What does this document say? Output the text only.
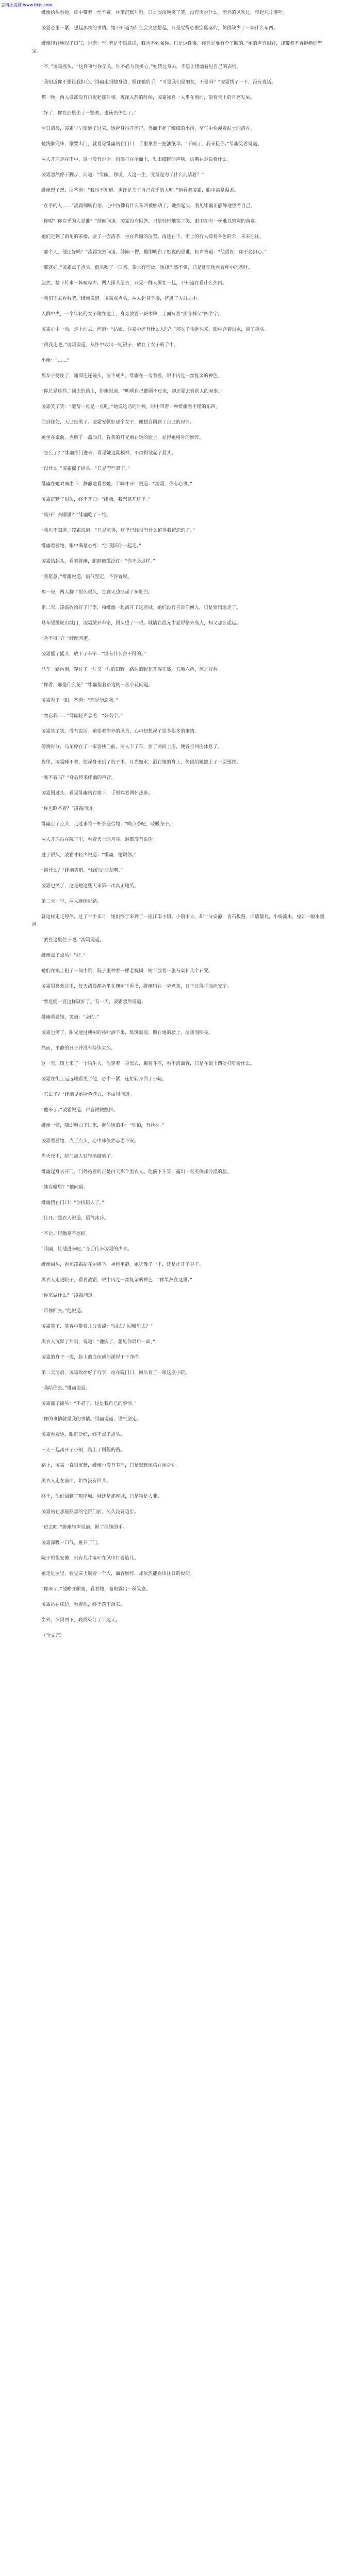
言情小说网 www.bkjs.com

绯幽抬头看她，眸中带着一丝不解。林萧沉默片刻，只是淡淡地笑了笑，没有再说什么。窗外的风吹过，带起几片落叶。

凌霜心里一紧，想起那晚的事情。她不知道为什么会突然想起，只是觉得心里空落落的，仿佛缺少了一块什么东西。

绯幽轻轻地叹了口气，说道：“你若是不愿意说，我也不勉强你。只是这件事，终究是要有个了断的。”她的声音很轻，却带着不容拒绝的坚定。

“不。”凌霜摇头，“这件事与你无关，你不必为我操心。”她转过身去，不愿让绯幽看见自己的表情。

“我知道你不想让我担心。”绯幽走到她身边，握住她的手，“可是我们是朋友，不是吗？”凌霜愣了一下，没有说话。

那一晚，两人谁都没有再提起那件事。夜深人静的时候，凌霜独自一人坐在窗前，望着天上的月亮发呆。

“好了，你在那里坐了一整晚，也该去休息了。”

翌日清晨，凌霜早早便醒了过来。她起身推开窗户，外面下起了细细的小雨，空气中弥漫着泥土的清香。

她洗漱完毕，刚要出门，就看见绯幽站在门口，手里拿着一把油纸伞。“下雨了，我来接你。”绯幽笑着说道。

两人并肩走在雨中，谁也没有说话。雨滴打在伞面上，发出细碎的声响，仿佛在诉说着什么。

凌霜忽然停下脚步，问道：“绯幽，你说，人这一生，究竟是为了什么而活着？”

绯幽想了想，回答道：“我也不知道。也许是为了自己在乎的人吧。”她看着凌霜，眼中满是温柔。

“在乎的人……”凌霜喃喃自语，心中仿佛有什么东西被触动了。她抬起头，看见绯幽正静静地望着自己。

“你呢？你在乎的人是谁？”绯幽问道。凌霜没有回答，只是轻轻地笑了笑，眼中却有一丝难以察觉的落寞。

她们走到了街角的茶楼，要了一壶清茶，坐在靠窗的位置。雨还在下，街上的行人撑着各色的伞，来来往往。

“那个人，他还好吗？”凌霜突然问道。绯幽一愣，随即明白了她说的是谁，轻声答道：“他很好，你不必担心。”

“那就好。”凌霜点了点头，低头喝了一口茶。茶水有些烫，她却浑然不觉，只是怔怔地看着杯中的茶叶。

忽然，楼下传来一阵喧哗声。两人探头望去，只见一群人围在一起，不知道在看什么热闹。

“我们下去看看吧。”绯幽说道。凌霜点点头，两人起身下楼，挤进了人群之中。

人群中央，一个年轻的女子跪在地上，身旁放着一块木牌，上面写着“卖身葬父”四个字。

凌霜心中一动，走上前去，问道：“姑娘，你家中还有什么人吗？”那女子抬起头来，眼中含着泪水，摇了摇头。

“跟我走吧。”凌霜说道，从怀中取出一锭银子，放在了女子的手中。

小幽：“……”

那女子愣住了，随即连连磕头，泣不成声。绯幽在一旁看着，眼中闪过一丝复杂的神色。

“你总是这样。”回去的路上，绯幽说道，“明明自己都顾不过来，却还要去管别人的闲事。”

凌霜笑了笑：“能帮一点是一点吧。”她说这话的时候，眼中带着一种绯幽看不懂的东西。

回到住处，天已经黑了。凌霜安顿好那个女子，便独自回到了自己的房间。

她坐在桌前，点燃了一盏油灯。昏黄的灯光照在她的脸上，显得她格外的憔悴。

“怎么了？”绯幽推门进来，看见她这副模样，不由得皱起了眉头。

“没什么。”凌霜摇了摇头，“只是有些累了。”

绯幽在她对面坐下，静静地看着她，半晌才开口说道：“凌霜，你有心事。”

凌霜沉默了很久，终于开口：“绯幽，我想离开这里。”

“离开？去哪里？”绯幽吃了一惊。

“我也不知道。”凌霜说道，“只是觉得，这里已经没有什么值得我留恋的了。”

绯幽看着她，眼中满是心疼：“那我陪你一起走。”

凌霜抬起头，看着绯幽，眼眶微微泛红：“你不必这样。”

“我愿意。”绯幽说道，语气坚定，不容置疑。

那一夜，两人聊了很久很久，直到天边泛起了鱼肚白。

第二天，凌霜收拾好了行李，和绯幽一起离开了这座城。她们没有告诉任何人，只是悄悄地走了。

马车缓缓驶出城门，凌霜掀开车帘，回头望了一眼。城墙在晨光中显得格外高大，却又那么遥远。

“舍不得吗？”绯幽问道。

凌霜摇了摇头，放下了车帘：“没有什么舍不得的。”

马车一路向南，穿过了一片又一片的田野。路边的野花开得正盛，五颜六色，煞是好看。

“你看，那是什么花？”绯幽指着路边的一丛小花问道。

凌霜看了一眼，答道：“那是勿忘我。”

“勿忘我……”绯幽轻声念着，“好名字。”

凌霜笑了笑，没有说话。她望着窗外的风景，心中却想起了很多很多的事情。

傍晚时分，马车停在了一家客栈门前。两人下了车，要了两间上房，便各自回房休息了。

夜里，凌霜睡不着，便起身来到了院子里。月光如水，洒在她的身上，仿佛给她披上了一层银纱。

“睡不着吗？”身后传来绯幽的声音。

凌霜回过头，看见绯幽站在廊下，手里端着两杯热茶。

“你也睡不着？”凌霜问道。

绯幽点了点头，走过来将一杯茶递给她：“喝点茶吧，暖暖身子。”

两人并肩站在院子里，看着天上的月亮，谁都没有说话。

过了很久，凌霜才轻声说道：“绯幽，谢谢你。”

“谢什么？”绯幽笑道，“我们是朋友啊。”

凌霜也笑了，这是她这些天来第一次真正地笑。

第二天一早，两人继续赶路。

就这样走走停停，过了半个多月，她们终于来到了一座江南小镇。小镇不大，却十分安静，青石板路，白墙黛瓦，小桥流水，宛如一幅水墨画。

“就在这里住下吧。”凌霜说道。

绯幽点了点头：“好。”

她们在镇上租了一间小院，院子里种着一棵老槐树，树下放着一张石桌和几个石凳。

凌霜很喜欢这里，每天清晨都会坐在槐树下看书，绯幽则在一旁煮茶，日子过得平淡而安宁。

“要是能一直这样就好了。”有一天，凌霜忽然说道。

绯幽看着她，笑道：“会的。”

凌霜也笑了，阳光透过槐树的枝叶洒下来，斑斑驳驳，照在她的脸上，温暖而明亮。

然而，平静的日子并没有持续太久。

这一天，镇上来了一个陌生人。他穿着一身黑衣，戴着斗笠，看不清面容，只是在镇上四处打听着什么。

凌霜在街上远远地看见了他，心中一紧，连忙转身回了小院。

“怎么了？”绯幽见她脸色苍白，不由得问道。

“他来了。”凌霜说道，声音微微颤抖。

绯幽一愣，随即明白了过来，握住她的手：“别怕，有我在。”

凌霜看着她，点了点头，心中却依然忐忑不安。

当天夜里，院门被人轻轻地敲响了。

绯幽起身去开门，门外站着的正是白天那个黑衣人。他摘下斗笠，露出一张英俊却冷漠的脸。

“她在哪里？”他问道。

绯幽挡在门口：“你找错人了。”

“让开。”黑衣人说道，语气冰冷。

“不让。”绯幽毫不退缩。

“绯幽，让他进来吧。”身后传来凌霜的声音。

绯幽回头，看见凌霜站在屋檐下，神色平静。她犹豫了一下，还是让开了身子。

黑衣人走进院子，看着凌霜，眼中闪过一丝复杂的神色：“你果然在这里。”

“你来做什么？”凌霜问道。

“带你回去。”他说道。

凌霜笑了，笑容中带着几分苦涩：“回去？回哪里去？”

黑衣人沉默了片刻，说道：“他病了，想见你最后一面。”

凌霜的身子一震，脸上的血色瞬间褪得干干净净。

第二天清晨，凌霜收拾好了行李，站在院门口，回头看了一眼这座小院。

“我陪你去。”绯幽说道。

凌霜摇了摇头：“不必了，这是我自己的事情。”

“你的事情就是我的事情。”绯幽说道，语气坚定。

凌霜看着她，眼眶泛红，终于点了点头。

三人一起离开了小镇，踏上了回程的路。

路上，凌霜一直很沉默，绯幽也没有多问，只是默默地陪在她身边。

黑衣人走在前面，始终没有回头。

终于，他们回到了那座城。城还是那座城，只是物是人非。

凌霜站在那座熟悉的宅院门前，久久没有迈步。

“进去吧。”绯幽轻声说道，握了握她的手。

凌霜深吸一口气，推开了门。

院子里很安静，只有几片落叶在风中打着旋儿。

她走进屋里，看见床上躺着一个人，面容憔悴，却依然能看出往日的俊朗。

“你来了。”他睁开眼睛，看着她，嘴角露出一丝笑意。

凌霜站在床边，看着他，终于落下泪来。

窗外，夕阳西下，晚霞染红了半边天。

（全文完）
